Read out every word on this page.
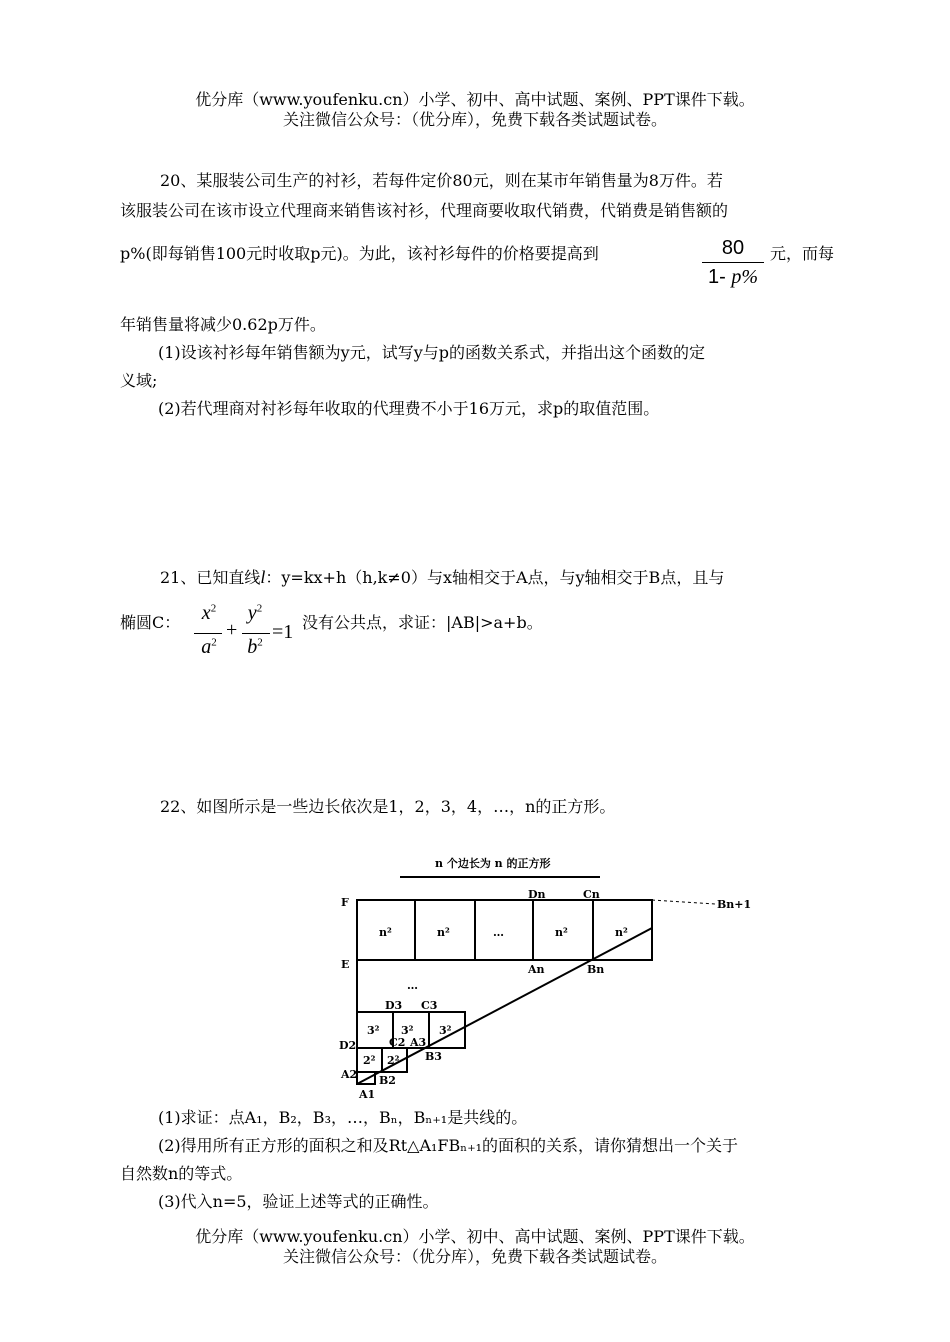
优分库（www.youfenku.cn）小学、初中、高中试题、案例、PPT课件下载。
关注微信公众号：（优分库），免费下载各类试题试卷。
20、某服装公司生产的衬衫，若每件定价80元，则在某市年销售量为8万件。若
该服装公司在该市设立代理商来销售该衬衫，代理商要收取代销费，代销费是销售额的
p%(即每销售100元时收取p元)。为此，该衬衫每件的价格要提高到	$\frac{80}{1- p\%}$ 元，而每
年销售量将减少0.62p万件。
(1)设该衬衫每年销售额为y元，试写y与p的函数关系式，并指出这个函数的定
义域;
(2)若代理商对衬衫每年收取的代理费不小于16万元，求p的取值范围。
21、已知直线l：y=kx+h（h,k≠0）与x轴相交于A点，与y轴相交于B点，且与
椭圆C：	$x^2$
$a^2$
+
$y^2$
$b^2 =1$ 没有公共点，求证：|AB|>a+b。
22、如图所示是一些边长依次是1，2，3，4，…，n的正方形。
n 个边长为 n 的正方形
F
E
D2	C2
A2
A3
D3 C3
Dn	Cn
An	Bn
Bn+1
B2
B3
A1
n²	n²	…	n²	n²
…
3² 3² 3²
2² 2²
(1)求证：点A₁，B₂，B₃，…，Bₙ，Bₙ₊₁是共线的。
(2)得用所有正方形的面积之和及Rt△A₁FBₙ₊₁的面积的关系，请你猜想出一个关于
自然数n的等式。
(3)代入n=5，验证上述等式的正确性。
优分库（www.youfenku.cn）小学、初中、高中试题、案例、PPT课件下载。
关注微信公众号：（优分库），免费下载各类试题试卷。
